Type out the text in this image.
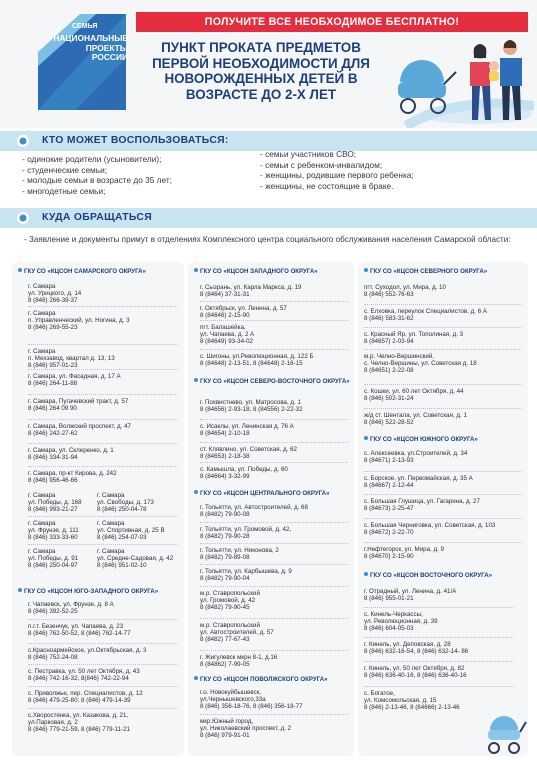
СЕМЬЯ
НАЦИОНАЛЬНЫЕ
ПРОЕКТЫ
РОССИИ
ПОЛУЧИТЕ ВСЕ НЕОБХОДИМОЕ БЕСПЛАТНО!
ПУНКТ ПРОКАТА ПРЕДМЕТОВ ПЕРВОЙ НЕОБХОДИМОСТИ ДЛЯ НОВОРОЖДЕННЫХ ДЕТЕЙ В ВОЗРАСТЕ ДО 2-Х ЛЕТ
КТО МОЖЕТ ВОСПОЛЬЗОВАТЬСЯ:
- одинокие родители (усыновители);
- студенческие семьи;
- молодые семьи в возрасте до 35 лет;
- многодетные семьи;
- семьи участников СВО;
- семьи с ребенком-инвалидом;
- женщины, родившие первого ребенка;
- женщины, не состоящие в браке.
КУДА ОБРАЩАТЬСЯ
- Заявление и документы примут в отделениях Комплексного центра социального обслуживания населения Самарской области:
ГКУ СО «КЦСОН САМАРСКОГО ОКРУГА»
г. Самара
ул. Урицкого, д. 14
8 (846) 266-39-37
г. Самара
п. Управленческий, ул. Ногина, д. 3
8 (846) 269-55-23
г. Самара
п. Мехзавод, квартал д. 13, 13
8 (846) 957-01-23
г. Самара, ул. Фасадная, д. 17 А
8 (846) 264-11-88
г. Самара, Пугачевский тракт, д. 57
8 (846) 264 09 90
г. Самара, Волжский проспект, д. 47
8 (846) 242-27-62
г. Самара, ул. Склеренко, д. 1
8 (846) 334-31-94
г. Самара, пр-кт Кирова, д. 242
8 (846) 956-46-66
г. Самара
ул. Победы, д. 168
8 (846) 993-21-27
г. Самара
ул. Свободы, д. 173
8 (846) 250-04-78
г. Самара
ул. Фрунзе, д. 111
8 (846) 333-33-60
г. Самара
ул. Спортивная, д. 25 В
8 (846) 254-07-03
г. Самара
ул. Победы, д. 91
8 (846) 250-04-97
г. Самара
ул. Средне-Садовая, д. 42
8 (846) 951-02-10
ГКУ СО «КЦСОН ЮГО-ЗАПАДНОГО ОКРУГА»
г. Чапаевск, ул. Фрунзе, д. 8 А
8 (846) 392-52-25
п.г.т. Безенчук, ул. Чапаева, д. 23
8 (846) 762-50-52, 8 (846) 762-14-77
с.Красноармейское, ул.Октябрьская, д. 3
8 (846) 752-24-08
с. Пестравка, ул. 50 лет Октября, д. 43
8 (846) 742-16-32, 8(846) 742-22-94
с. Приволжье, пер. Специалистов, д. 12
8 (846) 479-25-80; 8 (846) 479-14-39
с.Хворостянка, ул. Казакова, д. 21,
ул.Парковая, д. 2
8 (846) 779-21-59, 8 (846) 779-11-21
ГКУ СО «КЦСОН ЗАПАДНОГО ОКРУГА»
г. Сызрань, ул. Карла Маркса, д. 19
8 (8464) 37-31-31
г. Октябрьск, ул. Ленина, д. 57
8 (84646) 2-15-90
пгт. Балашейка,
ул. Чапаева, д. 2 А
8 (84649) 93-34-02
с. Шигоны, ул.Революционная, д. 122 Б
8 (84648) 2-13-51, 8 (84648) 2-16-15
ГКУ СО «КЦСОН СЕВЕРО-ВОСТОЧНОГО ОКРУГА»
г. Похвистнево, ул. Матросова, д. 1
8 (84656) 2-93-18, 8 (84556) 2-22-32
с. Исаклы, ул. Ленинская д. 76 А
8 (84654) 2-10-18
ст. Клявлино, ул. Советская, д. 62
8 (84653) 2-18-38
с. Камышла, ул. Победы, д. 60
8 (84664) 3-32-99
ГКУ СО «КЦСОН ЦЕНТРАЛЬНОГО ОКРУГА»
г. Тольятти, ул. Автостроителей, д. 68
8 (8482) 79-90-08
г. Тольятти, ул. Громовой, д. 42,
8 (8482) 79-90-28
г. Тольятти, ул. Никонова, 2
8 (8482) 79-89-08
г. Тольятти, ул. Карбышева, д. 9
8 (8482) 79-90-04
м.р. Ставропольский
ул. Громовой, д. 42
8 (8482) 79-90-45
м.р. Ставропольский
ул. Автостроителей, д. 57
8 (8482) 77-67-43
г. Жигулевск мкрн 8-1, д.16
8 (84862) 7-99-05
ГКУ СО «КЦСОН ПОВОЛЖСКОГО ОКРУГА»
г.о. Новокуйбышевск,
ул.Чернышевского,33а
8 (846) 356-18-76, 8 (846) 356-18-77
мкр.Южный город,
ул. Николаевский проспект, д. 2
8 (846) 979-91-01
ГКУ СО «КЦСОН СЕВЕРНОГО ОКРУГА»
пгт. Суходол, ул. Мира, д. 10
8 (846) 552-76-63
с. Елховка, переулок Специалистов, д. 6 А
8 (846) 583-31-62
с. Красный Яр, ул. Тополиная, д. 3
8 (84657) 2-03-94
м.р. Челно-Вершинский,
с. Челно-Вершины, ул. Советская д. 18
8 (84651) 2-22-08
с. Кошки, ул. 60 лет Октября, д. 44
8 (846) 502-31-24
ж/д ст. Шентала, ул. Советская, д. 1
8 (846) 522-28-52
ГКУ СО «КЦСОН ЮЖНОГО ОКРУГА»
с. Алексеевка, ул.Строителей, д. 34
8 (84671) 2-13-93
с. Борское, ул. Первомайская, д. 35 А
8 (84667) 2-12-44
с. Большая Глушица, ул. Гагарина, д. 27
8 (84673) 2-25-47
с. Большая Черниговка, ул. Советская, д. 103
8 (84672) 2-22-70
г.Нефтегорск, ул. Мира, д. 9
8 (84670) 2-15-90
ГКУ СО «КЦСОН ВОСТОЧНОГО ОКРУГА»
г. Отрадный, ул. Ленина, д. 41/А
8 (846) 955-01-21
с. Кинель-Черкассы,
ул. Революционная, д. 39
8 (846) 604-05-03
г. Кинель, ул. Деповская, д. 28
8 (846) 632-16-54, 8 (846) 632-14- 86
г. Кинель, ул. 50 лет Октября, д. 82
8 (846) 636-40-16, 8 (846) 636-40-16
с. Богатое,
ул. Комсомольская, д. 15
8 (846) 2-13-46, 8 (84666) 2-13-46
